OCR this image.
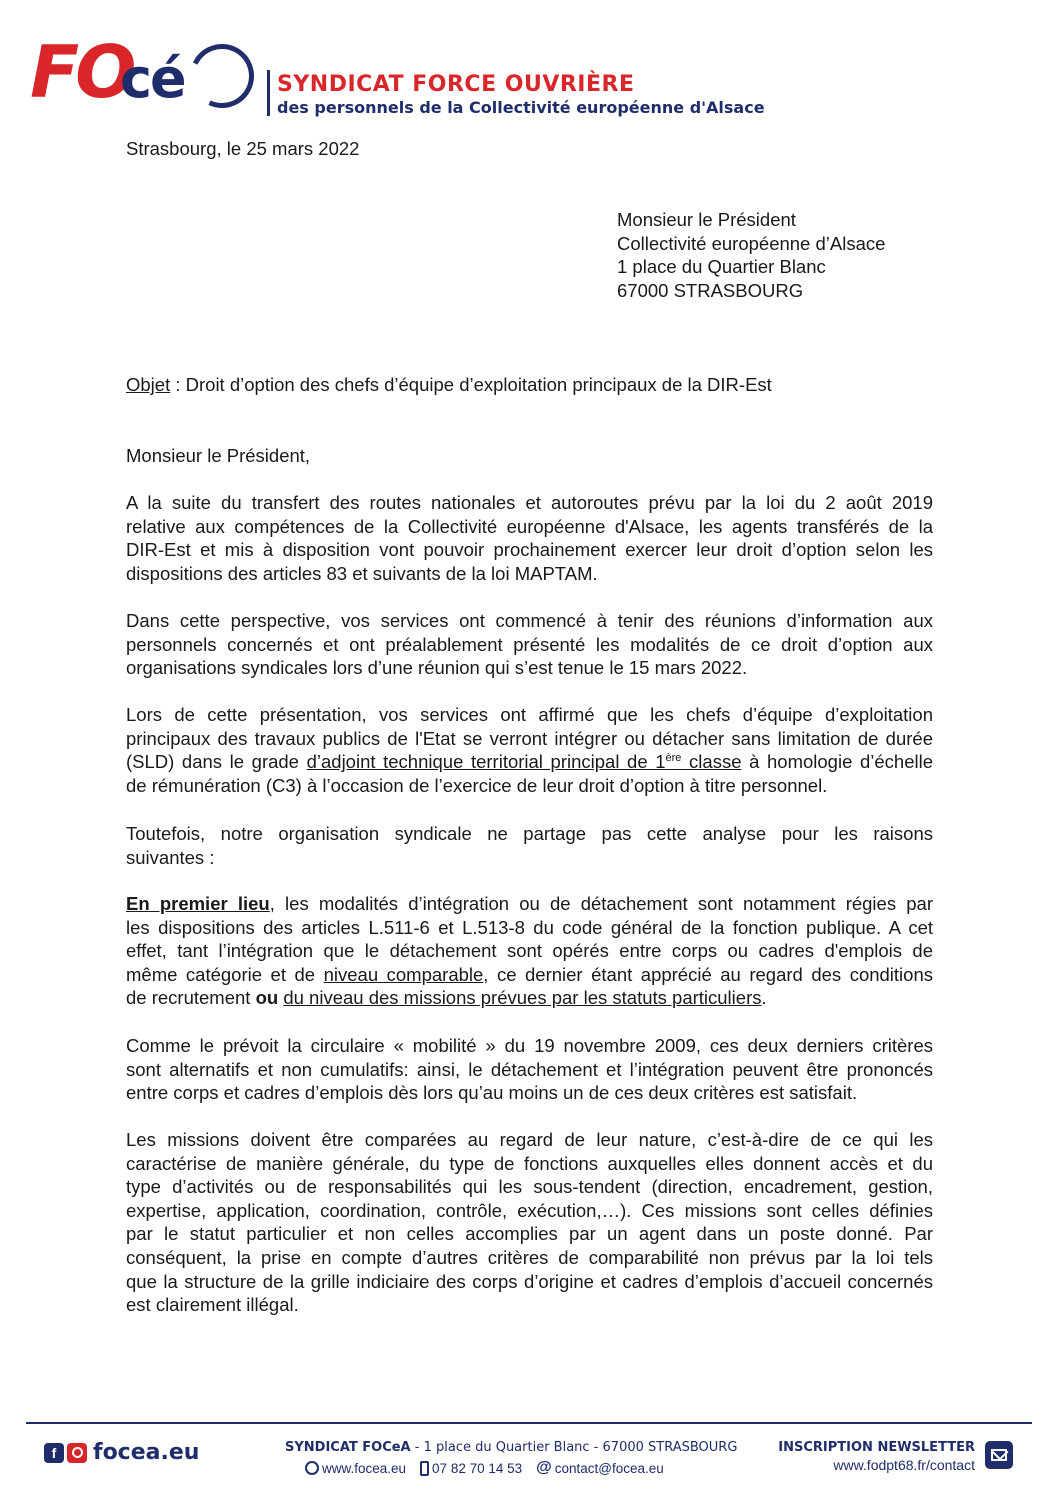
FO
cé	SYNDICAT FORCE OUVRIÈRE
des personnels de la Collectivité européenne d'Alsace
Strasbourg, le 25 mars 2022
Monsieur le Président
Collectivité européenne d’Alsace
1 place du Quartier Blanc
67000 STRASBOURG
Objet : Droit d’option des chefs d’équipe d’exploitation principaux de la DIR-Est
Monsieur le Président,
A la suite du transfert des routes nationales et autoroutes prévu par la loi du 2 août 2019
relative aux compétences de la Collectivité européenne d'Alsace, les agents transférés de la
DIR-Est et mis à disposition vont pouvoir prochainement exercer leur droit d’option selon les
dispositions des articles 83 et suivants de la loi MAPTAM.
Dans cette perspective, vos services ont commencé à tenir des réunions d’information aux
personnels concernés et ont préalablement présenté les modalités de ce droit d’option aux
organisations syndicales lors d’une réunion qui s’est tenue le 15 mars 2022.
Lors de cette présentation, vos services ont affirmé que les chefs d’équipe d’exploitation
principaux des travaux publics de l'Etat se verront intégrer ou détacher sans limitation de durée
(SLD) dans le grade d’adjoint technique territorial principal de 1ère classe à homologie d’échelle
de rémunération (C3) à l’occasion de l’exercice de leur droit d’option à titre personnel.
Toutefois, notre organisation syndicale ne partage pas cette analyse pour les raisons
suivantes :
En premier lieu, les modalités d’intégration ou de détachement sont notamment régies par
les dispositions des articles L.511-6 et L.513-8 du code général de la fonction publique. A cet
effet, tant l’intégration que le détachement sont opérés entre corps ou cadres d'emplois de
même catégorie et de niveau comparable, ce dernier étant apprécié au regard des conditions
de recrutement ou du niveau des missions prévues par les statuts particuliers.
Comme le prévoit la circulaire « mobilité » du 19 novembre 2009, ces deux derniers critères
sont alternatifs et non cumulatifs: ainsi, le détachement et l’intégration peuvent être prononcés
entre corps et cadres d’emplois dès lors qu’au moins un de ces deux critères est satisfait.
Les missions doivent être comparées au regard de leur nature, c’est-à-dire de ce qui les
caractérise de manière générale, du type de fonctions auxquelles elles donnent accès et du
type d’activités ou de responsabilités qui les sous-tendent (direction, encadrement, gestion,
expertise, application, coordination, contrôle, exécution,…). Ces missions sont celles définies
par le statut particulier et non celles accomplies par un agent dans un poste donné. Par
conséquent, la prise en compte d’autres critères de comparabilité non prévus par la loi tels
que la structure de la grille indiciaire des corps d’origine et cadres d’emplois d’accueil concernés
est clairement illégal.
f	focea.eu	SYNDICAT FOCeA - 1 place du Quartier Blanc - 67000 STRASBOURG
www.focea.eu 07 82 70 14 53 @ contact@focea.eu
INSCRIPTION NEWSLETTER
www.fodpt68.fr/contact
